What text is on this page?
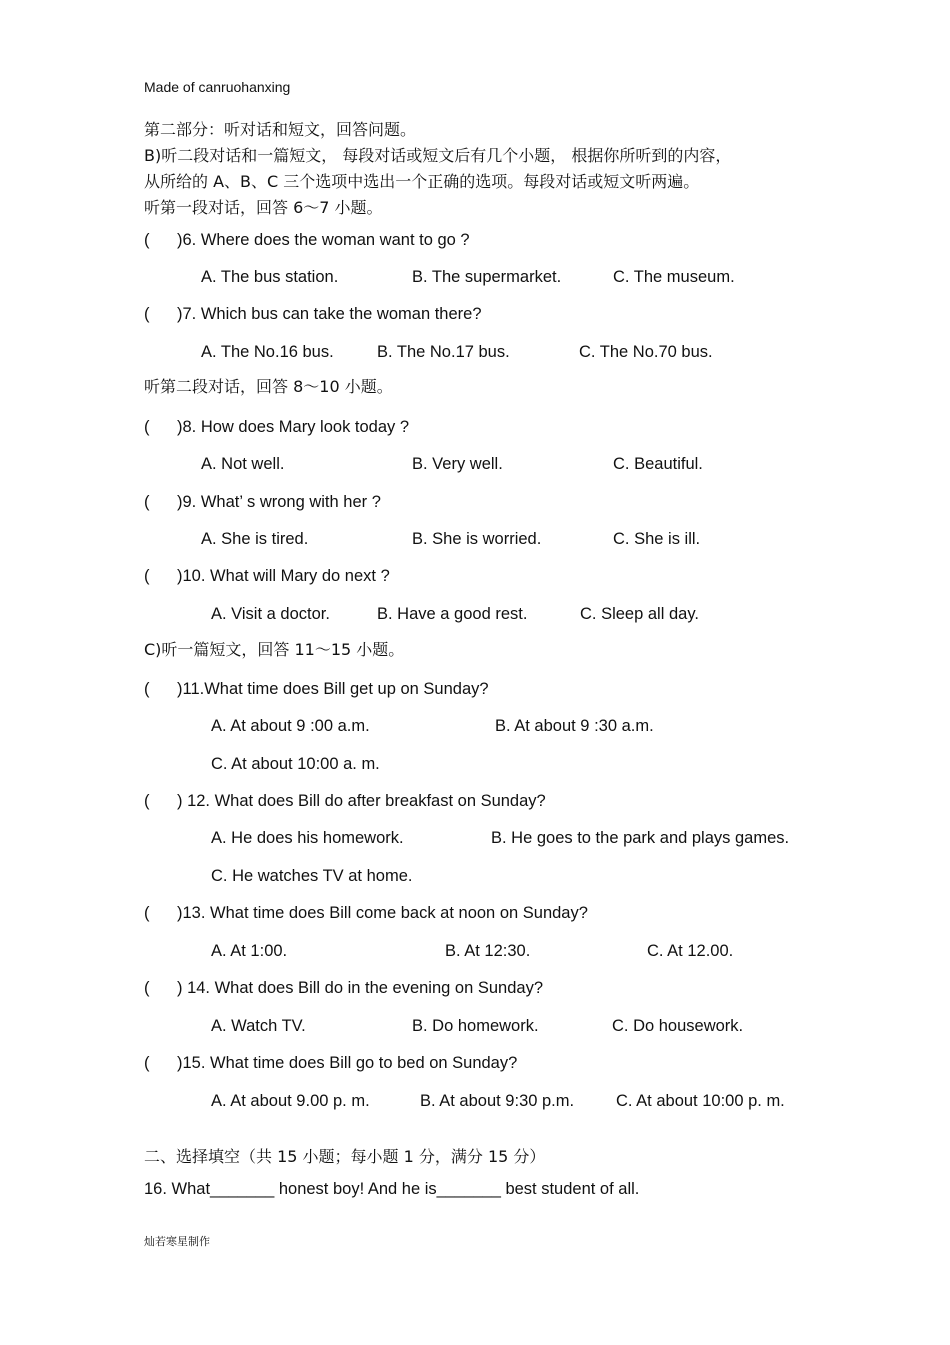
Made of canruohanxing
第二部分：听对话和短文，回答问题。
B)听二段对话和一篇短文， 每段对话或短文后有几个小题， 根据你所听到的内容，
从所给的 A、B、C 三个选项中选出一个正确的选项。每段对话或短文听两遍。
听第一段对话，回答 6～7 小题。
(      )6. Where does the woman want to go ?
A. The bus station.	B. The supermarket.	C. The museum.
(      )7. Which bus can take the woman there?
A. The No.16 bus.	B. The No.17 bus.	C. The No.70 bus.
听第二段对话，回答 8～10 小题。
(      )8. How does Mary look today ?
A. Not well.	B. Very well.	C. Beautiful.
(      )9. What’ s wrong with her ?
A. She is tired.	B. She is worried.	C. She is ill.
(      )10. What will Mary do next ?
A. Visit a doctor.	B. Have a good rest.	C. Sleep all day.
C)听一篇短文，回答 11～15 小题。
(      )11.What time does Bill get up on Sunday?
A. At about 9 :00 a.m.	B. At about 9 :30 a.m.
C. At about 10:00 a. m.
(      ) 12. What does Bill do after breakfast on Sunday?
A. He does his homework.	B. He goes to the park and plays games.
C. He watches TV at home.
(      )13. What time does Bill come back at noon on Sunday?
A. At 1:00.	B. At 12:30.	C. At 12.00.
(      ) 14. What does Bill do in the evening on Sunday?
A. Watch TV.	B. Do homework.	C. Do housework.
(      )15. What time does Bill go to bed on Sunday?
A. At about 9.00 p. m.	B. At about 9:30 p.m.	C. At about 10:00 p. m.
二、选择填空（共 15 小题；每小题 1 分，满分 15 分）
16. What_______ honest boy! And he is_______ best student of all.
灿若寒星制作
